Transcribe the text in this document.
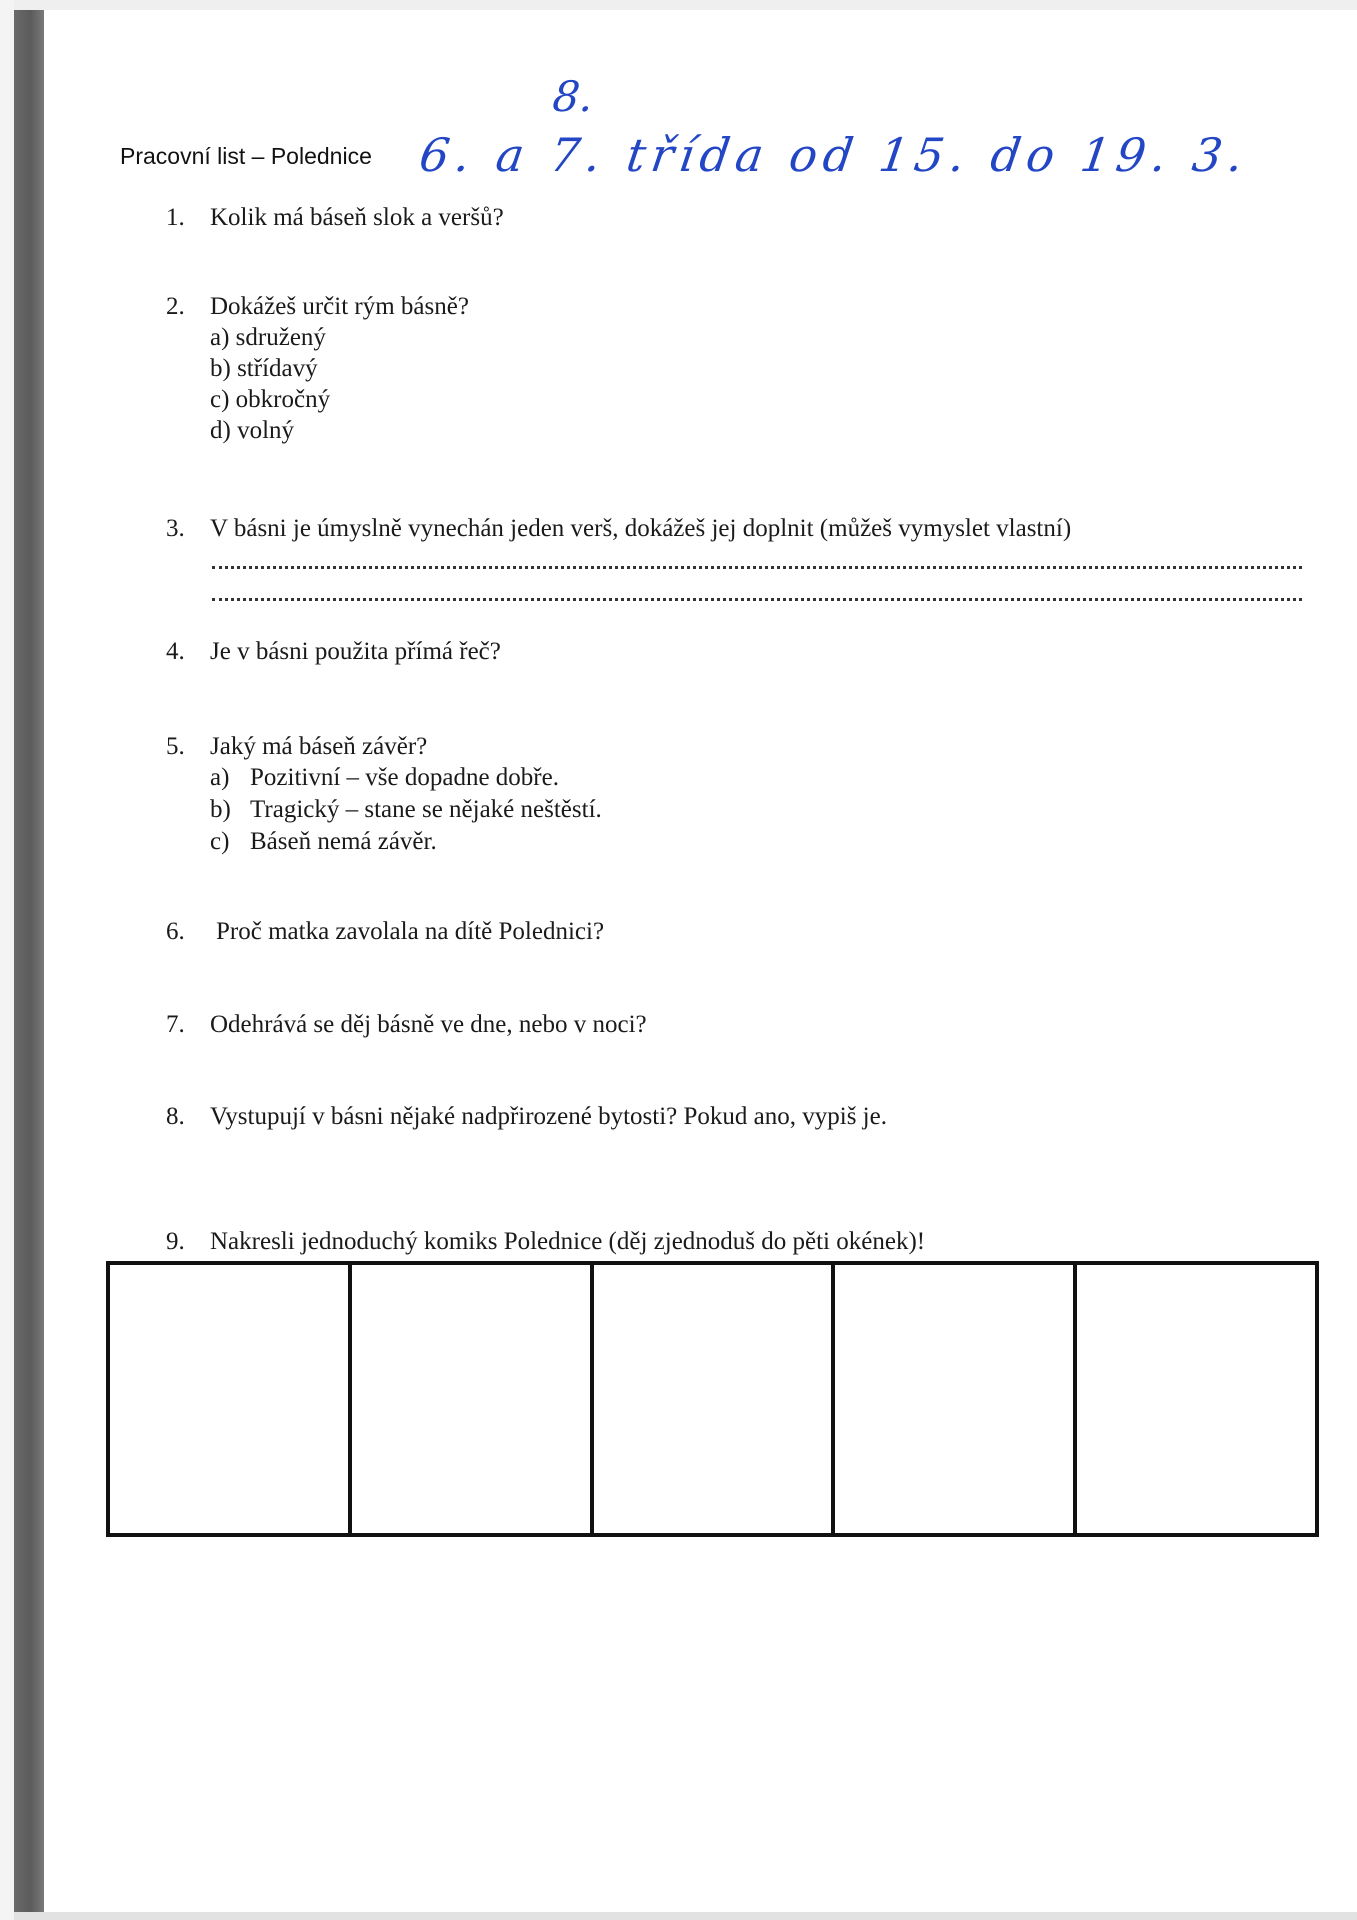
Pracovní list – Polednice 6. a 7. třída od 15. do 19. 3.
8.
1. Kolik má báseň slok a veršů?
2. Dokážeš určit rým básně?
a) sdružený
b) střídavý
c) obkročný
d) volný
3. V básni je úmyslně vynechán jeden verš, dokážeš jej doplnit (můžeš vymyslet vlastní)
4. Je v básni použita přímá řeč?
5. Jaký má báseň závěr?
a) Pozitivní – vše dopadne dobře.
b) Tragický – stane se nějaké neštěstí.
c) Báseň nemá závěr.
6. Proč matka zavolala na dítě Polednici?
7. Odehrává se děj básně ve dne, nebo v noci?
8. Vystupují v básni nějaké nadpřirozené bytosti? Pokud ano, vypiš je.
9. Nakresli jednoduchý komiks Polednice (děj zjednoduš do pěti okének)!
